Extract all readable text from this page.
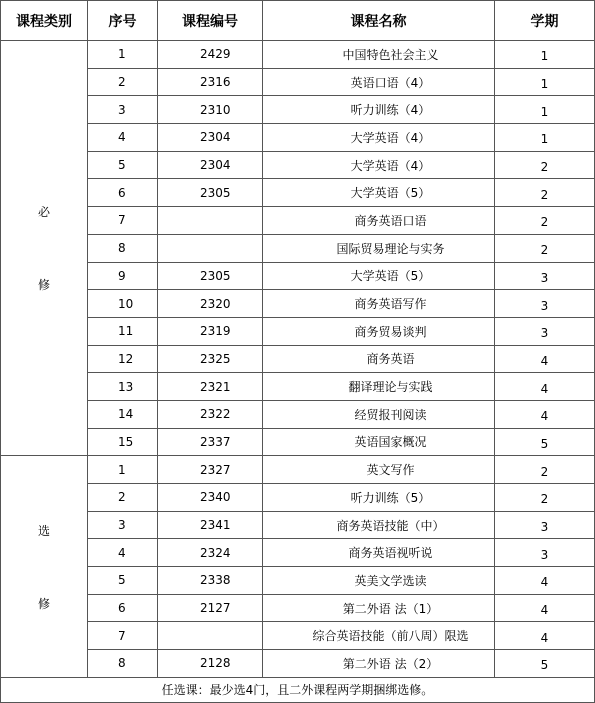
课程类别	序号	课程编号	课程名称	学期

必
修	1	2429	中国特色社会主义	1
	2	2316	英语口语（4）	1
	3	2310	听力训练（4）	1
	4	2304	大学英语（4）	1
	5	2304	大学英语（4）	2
	6	2305	大学英语（5）	2
	7		商务英语口语	2
	8		国际贸易理论与实务	2
	9	2305	大学英语（5）	3
	10	2320	商务英语写作	3
	11	2319	商务贸易谈判	3
	12	2325	商务英语	4
	13	2321	翻译理论与实践	4
	14	2322	经贸报刊阅读	4
	15	2337	英语国家概况	5

选
修	1	2327	英文写作	2
	2	2340	听力训练（5）	2
	3	2341	商务英语技能（中）	3
	4	2324	商务英语视听说	3
	5	2338	英美文学选读	4
	6	2127	第二外语 法（1）	4
	7		综合英语技能（前八周）限选	4
	8	2128	第二外语 法（2）	5
任选课：最少选4门，且二外课程两学期捆绑选修。				
